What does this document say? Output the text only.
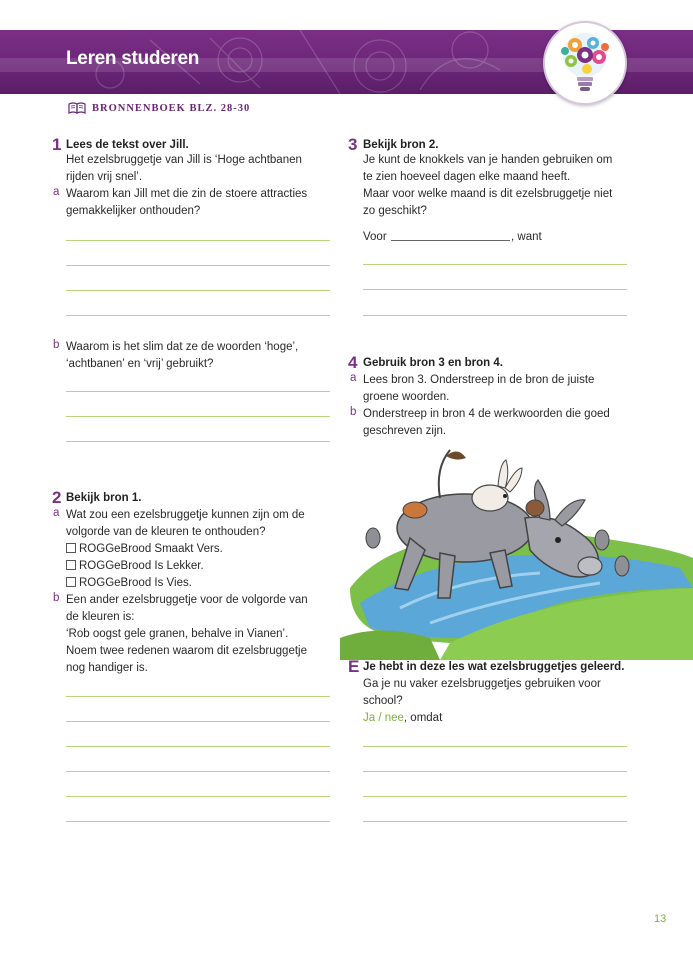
Leren studeren
BRONNENBOEK BLZ. 28-30
1 Lees de tekst over Jill.
Het ezelsbruggetje van Jill is ‘Hoge achtbanen
rijden vrij snel’.
a Waarom kan Jill met die zin de stoere attracties
gemakkelijker onthouden?
b Waarom is het slim dat ze de woorden ‘hoge’,
‘achtbanen’ en ‘vrij’ gebruikt?
2 Bekijk bron 1.
a Wat zou een ezelsbruggetje kunnen zijn om de
volgorde van de kleuren te onthouden?
ROGGeBrood Smaakt Vers.
ROGGeBrood Is Lekker.
ROGGeBrood Is Vies.
b Een ander ezelsbruggetje voor de volgorde van
de kleuren is:
‘Rob oogst gele granen, behalve in Vianen’.
Noem twee redenen waarom dit ezelsbruggetje
nog handiger is.
3 Bekijk bron 2.
Je kunt de knokkels van je handen gebruiken om
te zien hoeveel dagen elke maand heeft.
Maar voor welke maand is dit ezelsbruggetje niet
zo geschikt?
Voor	, want
4 Gebruik bron 3 en bron 4.
a Lees bron 3. Onderstreep in de bron de juiste
groene woorden.
b Onderstreep in bron 4 de werkwoorden die goed
geschreven zijn.
E Je hebt in deze les wat ezelsbruggetjes geleerd.
Ga je nu vaker ezelsbruggetjes gebruiken voor
school?
Ja / nee, omdat
13
